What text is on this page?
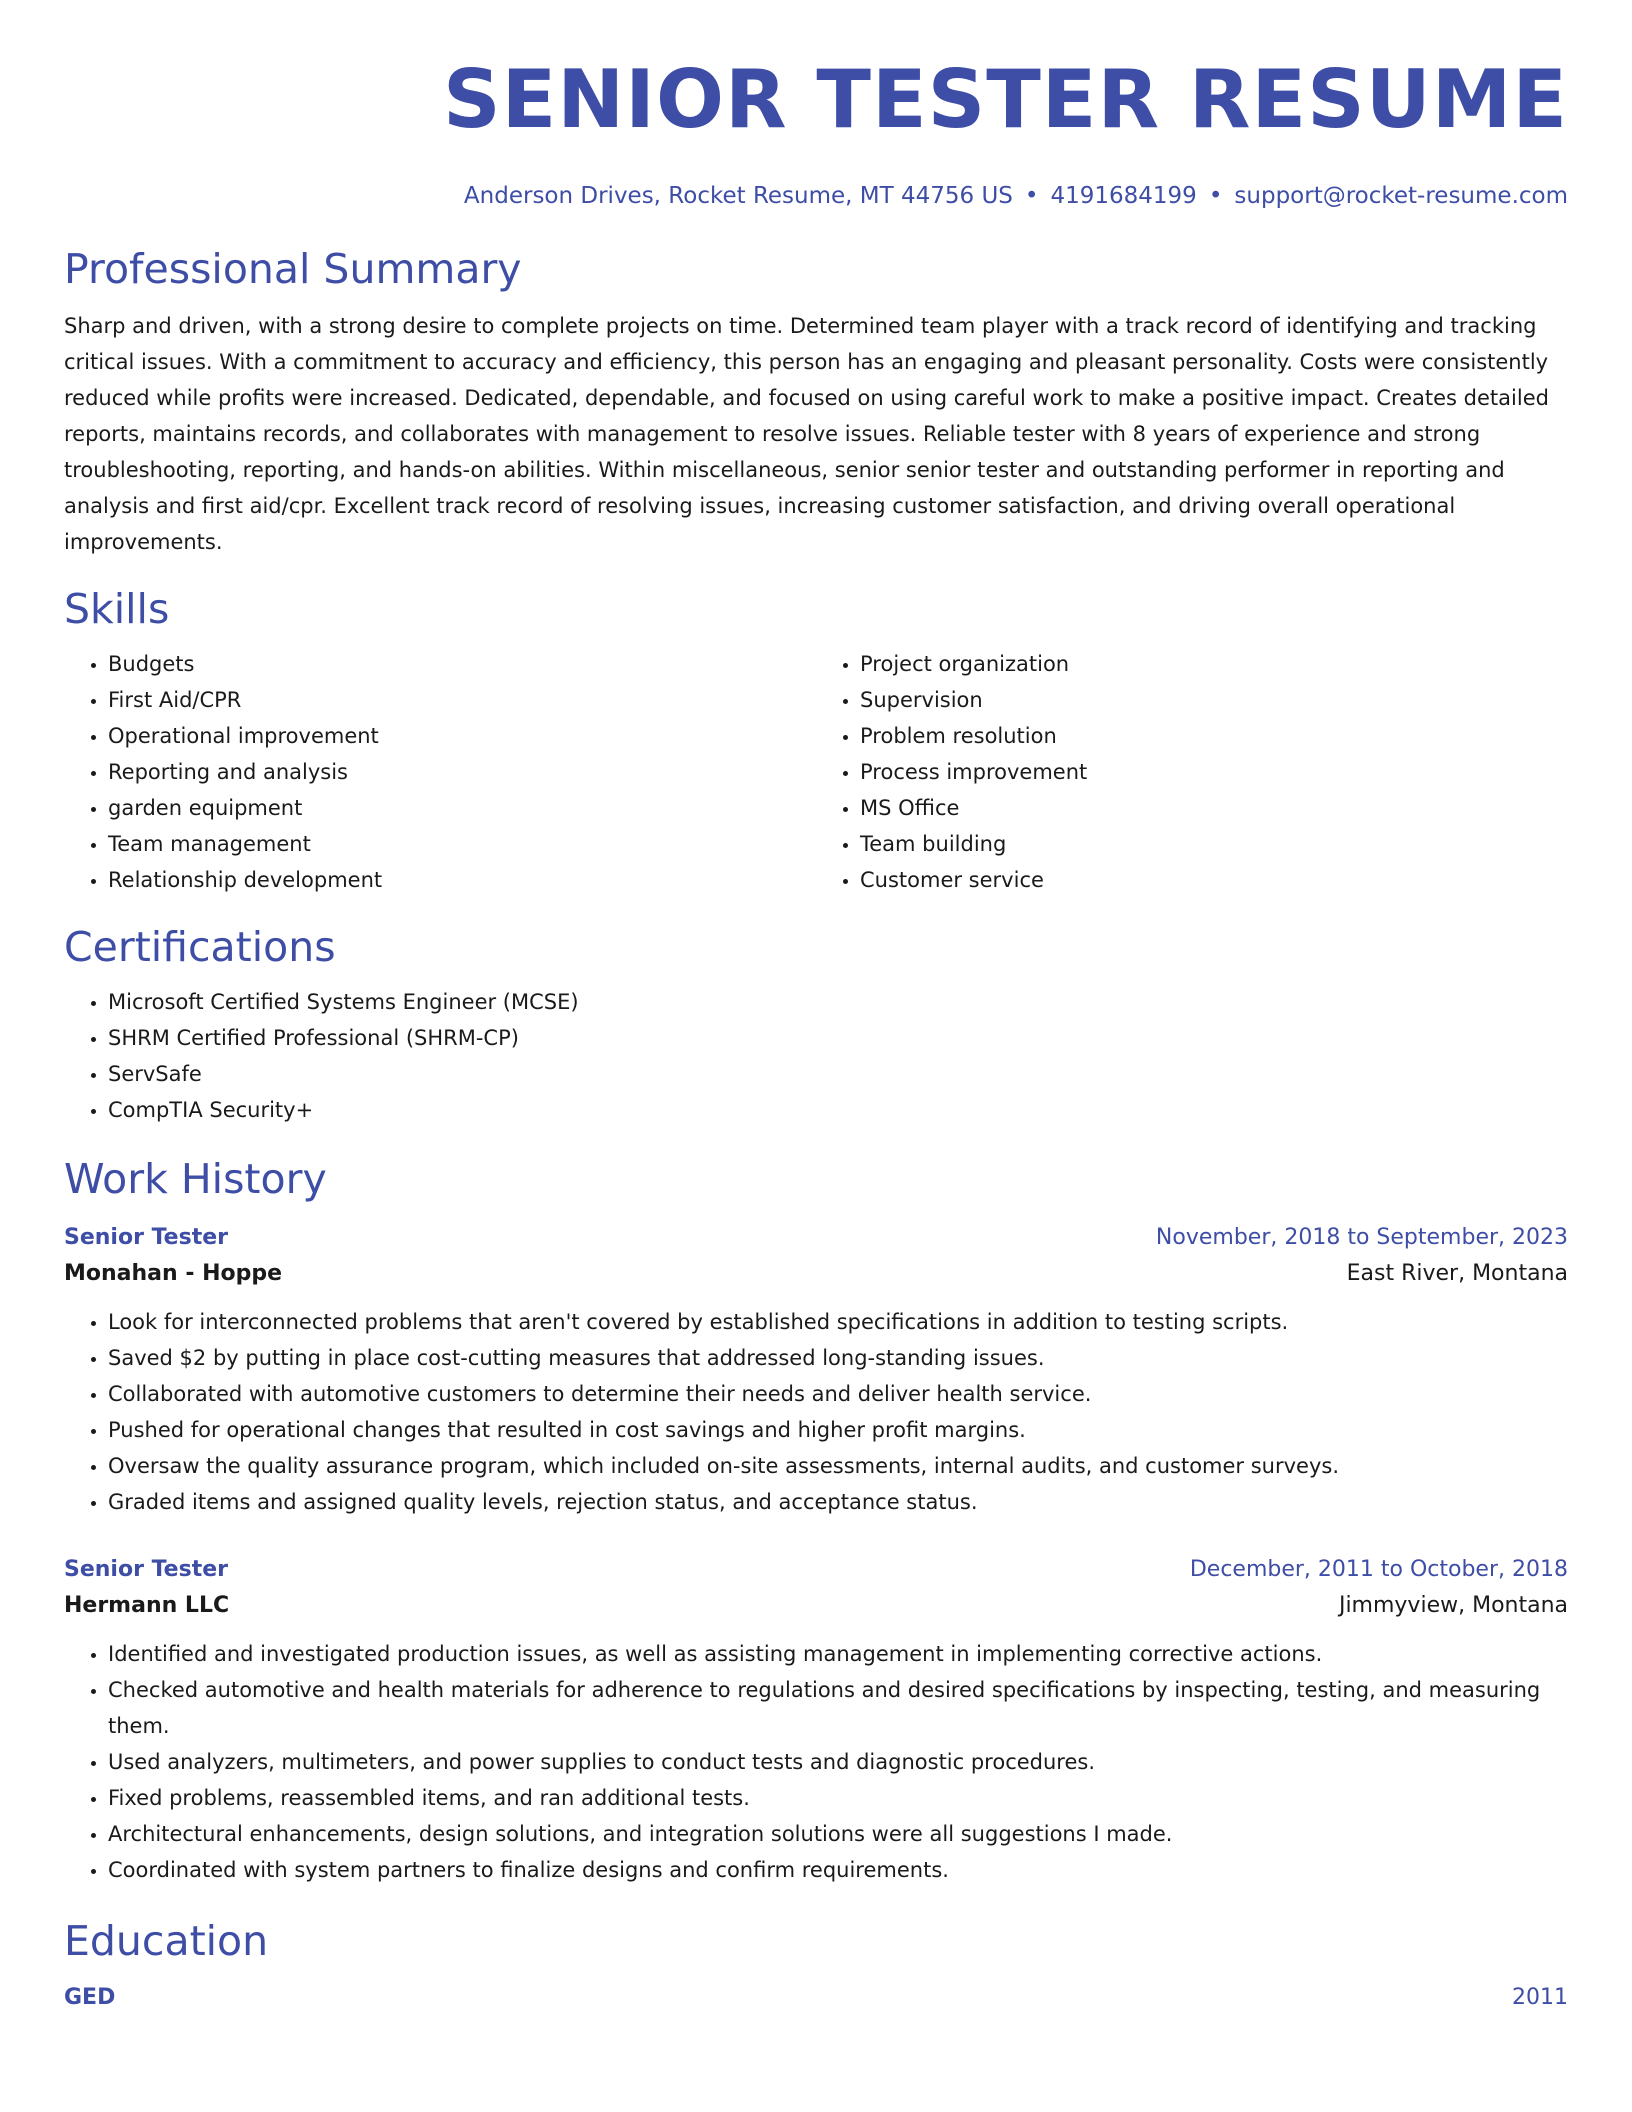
SENIOR TESTER RESUME
Anderson Drives, Rocket Resume, MT 44756 US • 4191684199 • support@rocket-resume.com
Professional Summary
Sharp and driven, with a strong desire to complete projects on time. Determined team player with a track record of identifying and tracking critical issues. With a commitment to accuracy and efficiency, this person has an engaging and pleasant personality. Costs were consistently reduced while profits were increased. Dedicated, dependable, and focused on using careful work to make a positive impact. Creates detailed reports, maintains records, and collaborates with management to resolve issues. Reliable tester with 8 years of experience and strong troubleshooting, reporting, and hands-on abilities. Within miscellaneous, senior senior tester and outstanding performer in reporting and analysis and first aid/cpr. Excellent track record of resolving issues, increasing customer satisfaction, and driving overall operational improvements.
Skills
• Budgets
• First Aid/CPR
• Operational improvement
• Reporting and analysis
• garden equipment
• Team management
• Relationship development
• Project organization
• Supervision
• Problem resolution
• Process improvement
• MS Office
• Team building
• Customer service
Certifications
• Microsoft Certified Systems Engineer (MCSE)
• SHRM Certified Professional (SHRM-CP)
• ServSafe
• CompTIA Security+
Work History
Senior Tester	November, 2018 to September, 2023
Monahan - Hoppe	East River, Montana
• Look for interconnected problems that aren't covered by established specifications in addition to testing scripts.
• Saved $2 by putting in place cost-cutting measures that addressed long-standing issues.
• Collaborated with automotive customers to determine their needs and deliver health service.
• Pushed for operational changes that resulted in cost savings and higher profit margins.
• Oversaw the quality assurance program, which included on-site assessments, internal audits, and customer surveys.
• Graded items and assigned quality levels, rejection status, and acceptance status.
Senior Tester	December, 2011 to October, 2018
Hermann LLC	Jimmyview, Montana
• Identified and investigated production issues, as well as assisting management in implementing corrective actions.
• Checked automotive and health materials for adherence to regulations and desired specifications by inspecting, testing, and measuring them.
• Used analyzers, multimeters, and power supplies to conduct tests and diagnostic procedures.
• Fixed problems, reassembled items, and ran additional tests.
• Architectural enhancements, design solutions, and integration solutions were all suggestions I made.
• Coordinated with system partners to finalize designs and confirm requirements.
Education
GED	2011
